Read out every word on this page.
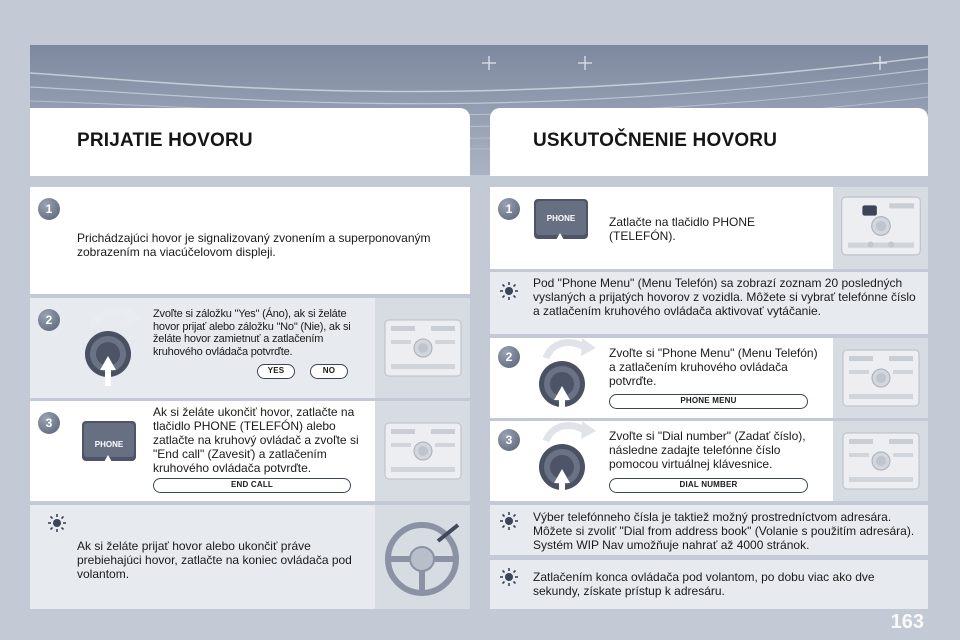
PRIJATIE HOVORU	USKUTOČNENIE HOVORU
1
Prichádzajúci hovor je signalizovaný zvonením a superponovaným zobrazením na viacúčelovom displeji.
2	Zvoľte si záložku "Yes" (Áno), ak si želáte hovor prijať alebo záložku "No" (Nie), ak si želáte hovor zamietnuť a zatlačením kruhového ovládača potvrďte.
YES	NO
3
PHONE
Ak si želáte ukončiť hovor, zatlačte na tlačidlo PHONE (TELEFÓN) alebo zatlačte na kruhový ovládač a zvoľte si "End call" (Zavesiť) a zatlačením kruhového ovládača potvrďte.
END CALL
Ak si želáte prijať hovor alebo ukončiť práve prebiehajúci hovor, zatlačte na koniec ovládača pod volantom.
1
PHONE	Zatlačte na tlačidlo PHONE (TELEFÓN).
Pod "Phone Menu" (Menu Telefón) sa zobrazí zoznam 20 posledných vyslaných a prijatých hovorov z vozidla. Môžete si vybrať telefónne číslo a zatlačením kruhového ovládača aktivovať vytáčanie.
2	Zvoľte si "Phone Menu" (Menu Telefón) a zatlačením kruhového ovládača potvrďte.
PHONE MENU
3	Zvoľte si "Dial number" (Zadať číslo), následne zadajte telefónne číslo pomocou virtuálnej klávesnice.
DIAL NUMBER
Výber telefónneho čísla je taktiež možný prostredníctvom adresára. Môžete si zvoliť "Dial from address book" (Volanie s použitím adresára). Systém WIP Nav umožňuje nahrať až 4000 stránok.
Zatlačením konca ovládača pod volantom, po dobu viac ako dve sekundy, získate prístup k adresáru.
163
